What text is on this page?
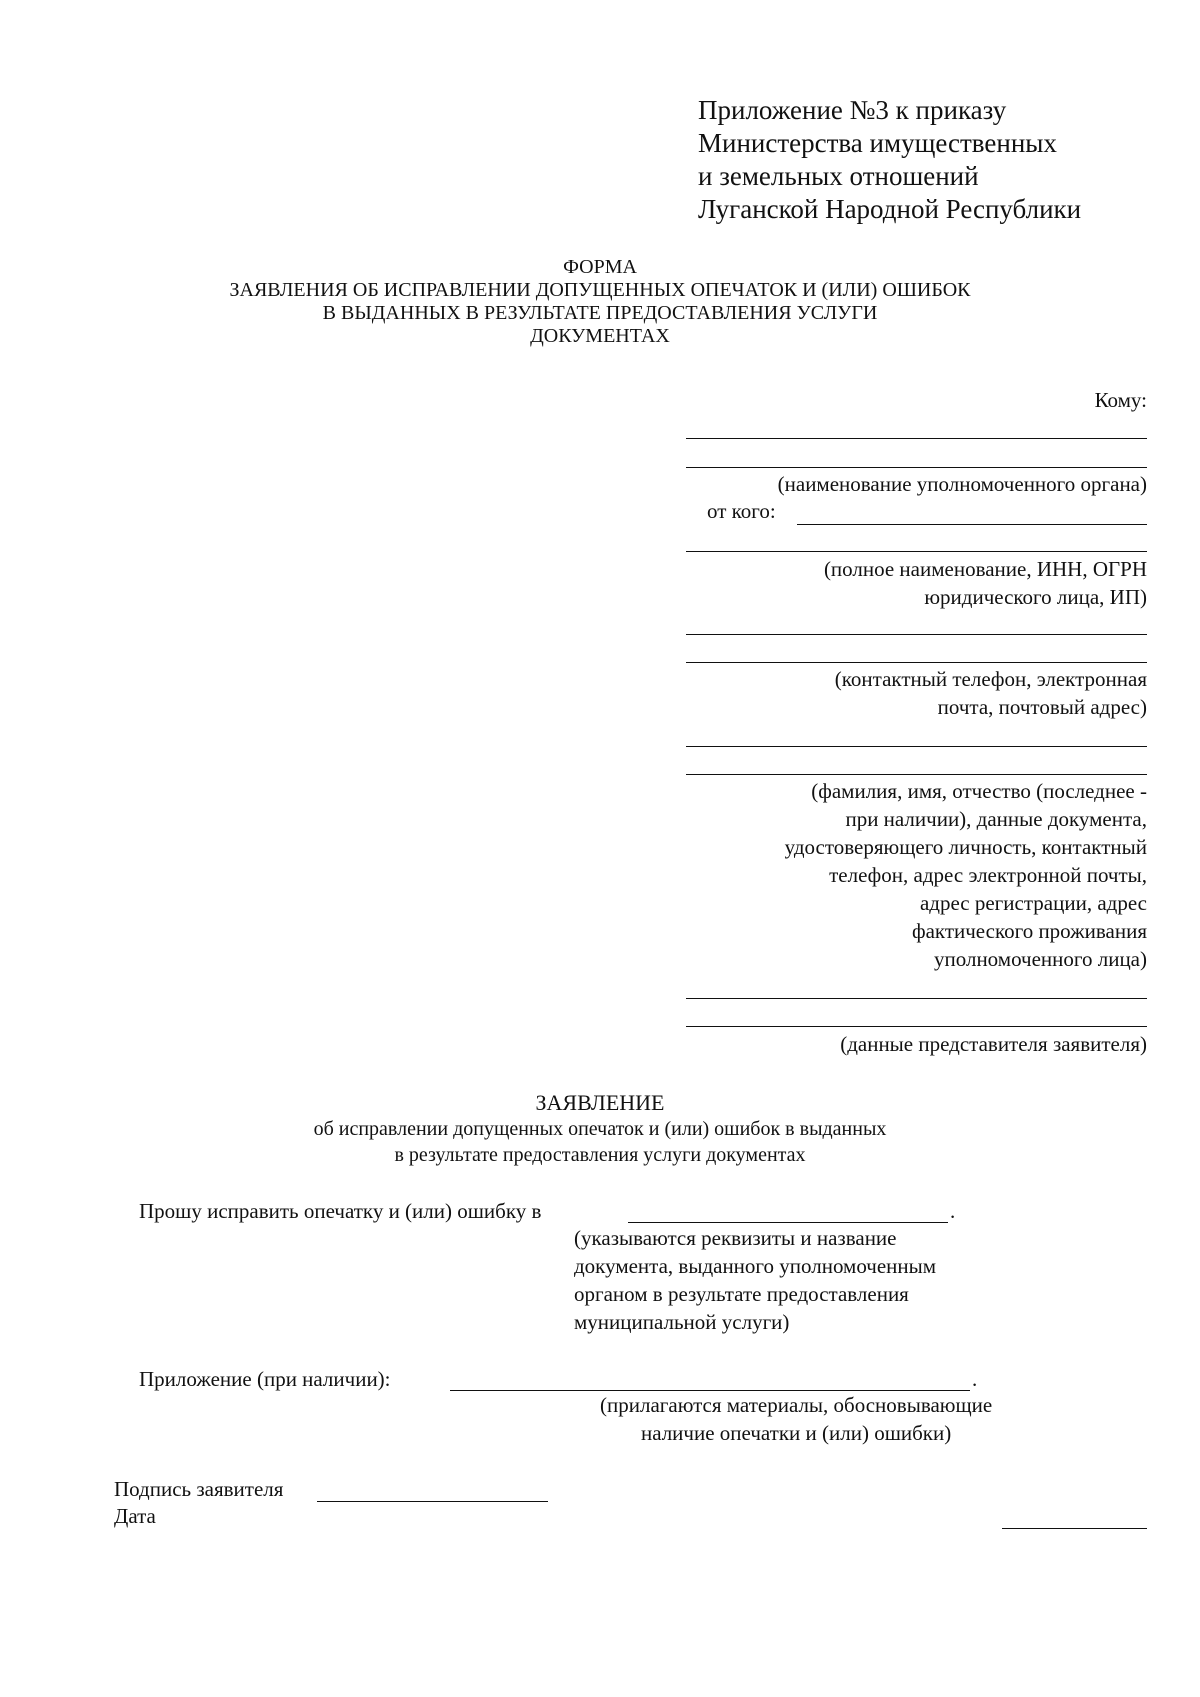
Приложение №3 к приказу
Министерства имущественных
и земельных отношений
Луганской Народной Республики
ФОРМА
ЗАЯВЛЕНИЯ ОБ ИСПРАВЛЕНИИ ДОПУЩЕННЫХ ОПЕЧАТОК И (ИЛИ) ОШИБОК
В ВЫДАННЫХ В РЕЗУЛЬТАТЕ ПРЕДОСТАВЛЕНИЯ УСЛУГИ
ДОКУМЕНТАХ
Кому:
(наименование уполномоченного органа)
от кого:
(полное наименование, ИНН, ОГРН
юридического лица, ИП)
(контактный телефон, электронная
почта, почтовый адрес)
(фамилия, имя, отчество (последнее -
при наличии), данные документа,
удостоверяющего личность, контактный
телефон, адрес электронной почты,
адрес регистрации, адрес
фактического проживания
уполномоченного лица)
(данные представителя заявителя)
ЗАЯВЛЕНИЕ
об исправлении допущенных опечаток и (или) ошибок в выданных
в результате предоставления услуги документах
Прошу исправить опечатку и (или) ошибку в	.
(указываются реквизиты и название
документа, выданного уполномоченным
органом в результате предоставления
муниципальной услуги)
Приложение (при наличии):	.
(прилагаются материалы, обосновывающие
наличие опечатки и (или) ошибки)
Подпись заявителя
Дата
